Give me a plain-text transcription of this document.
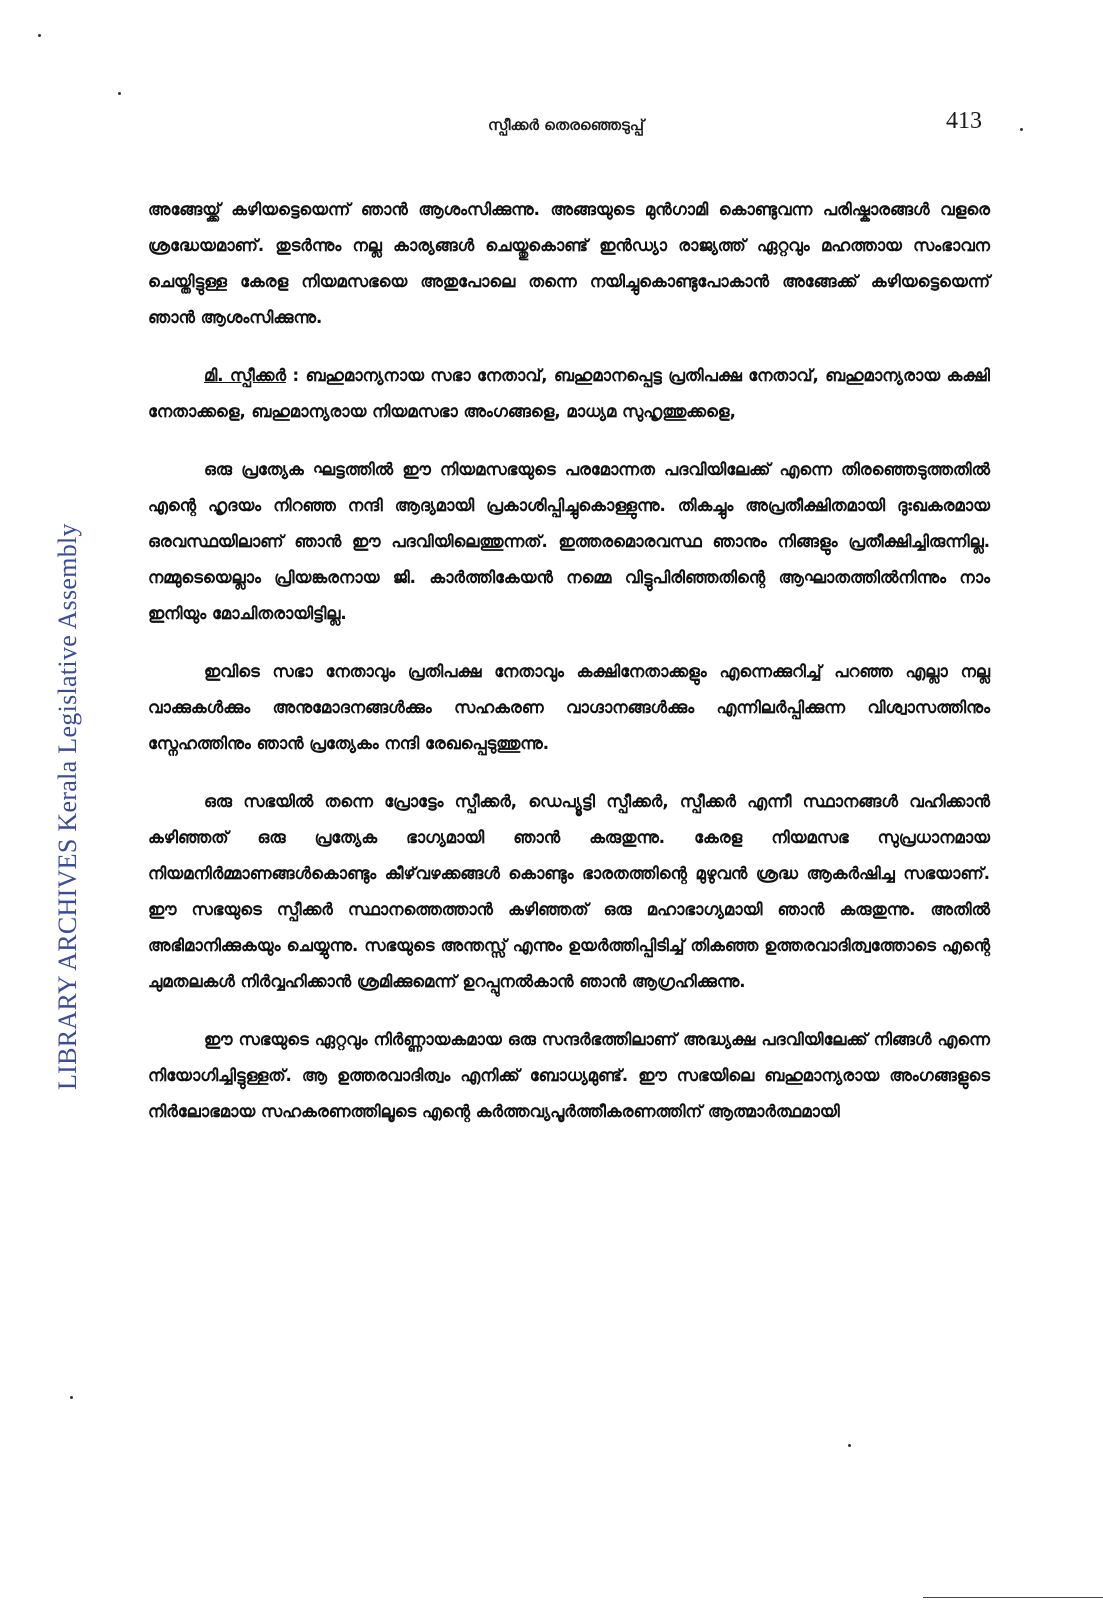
LIBRARY ARCHIVES Kerala Legislative Assembly
സ്പീക്കർ തെരഞ്ഞെടുപ്പ്	413

അങ്ങേയ്ക്ക് കഴിയട്ടെയെന്ന് ഞാൻ ആശംസിക്കുന്നു. അങ്ങയുടെ മുൻഗാമി കൊണ്ടുവന്ന പരിഷ്കാരങ്ങൾ വളരെ ശ്രദ്ധേയമാണ്. തുടർന്നും നല്ല കാര്യങ്ങൾ ചെയ്തുകൊണ്ട് ഇൻഡ്യാ രാജ്യത്ത് ഏറ്റവും മഹത്തായ സംഭാവന ചെയ്തിട്ടുള്ള കേരള നിയമസഭയെ അതുപോലെ തന്നെ നയിച്ചുകൊണ്ടുപോകാൻ അങ്ങേക്ക് കഴിയട്ടെയെന്ന് ഞാൻ ആശംസിക്കുന്നു.

മി. സ്പീക്കർ : ബഹുമാന്യനായ സഭാ നേതാവ്, ബഹുമാനപ്പെട്ട പ്രതിപക്ഷ നേതാവ്, ബഹുമാന്യരായ കക്ഷി നേതാക്കളെ, ബഹുമാന്യരായ നിയമസഭാ അംഗങ്ങളെ, മാധ്യമ സുഹൃത്തുക്കളെ,

ഒരു പ്രത്യേക ഘട്ടത്തിൽ ഈ നിയമസഭയുടെ പരമോന്നത പദവിയിലേക്ക് എന്നെ തിരഞ്ഞെടുത്തതിൽ എന്റെ ഹൃദയം നിറഞ്ഞ നന്ദി ആദ്യമായി പ്രകാശിപ്പിച്ചുകൊള്ളുന്നു. തികച്ചും അപ്രതീക്ഷിതമായി ദുഃഖകരമായ ഒരവസ്ഥയിലാണ് ഞാൻ ഈ പദവിയിലെത്തുന്നത്. ഇത്തരമൊരവസ്ഥ ഞാനും നിങ്ങളും പ്രതീക്ഷിച്ചിരുന്നില്ല. നമ്മുടെയെല്ലാം പ്രിയങ്കരനായ ജി. കാർത്തികേയൻ നമ്മെ വിട്ടുപിരിഞ്ഞതിന്റെ ആഘാതത്തിൽനിന്നും നാം ഇനിയും മോചിതരായിട്ടില്ല.

ഇവിടെ സഭാ നേതാവും പ്രതിപക്ഷ നേതാവും കക്ഷിനേതാക്കളും എന്നെക്കുറിച്ച് പറഞ്ഞ എല്ലാ നല്ല വാക്കുകൾക്കും അനുമോദനങ്ങൾക്കും സഹകരണ വാഗ്ദാനങ്ങൾക്കും എന്നിലർപ്പിക്കുന്ന വിശ്വാസത്തിനും സ്നേഹത്തിനും ഞാൻ പ്രത്യേകം നന്ദി രേഖപ്പെടുത്തുന്നു.

ഒരു സഭയിൽ തന്നെ പ്രോട്ടേം സ്പീക്കർ, ഡെപ്യൂട്ടി സ്പീക്കർ, സ്പീക്കർ എന്നീ സ്ഥാനങ്ങൾ വഹിക്കാൻ കഴിഞ്ഞത് ഒരു പ്രത്യേക ഭാഗ്യമായി ഞാൻ കരുതുന്നു. കേരള നിയമസഭ സുപ്രധാനമായ നിയമനിർമ്മാണങ്ങൾകൊണ്ടും കീഴ്‌വഴക്കങ്ങൾ കൊണ്ടും ഭാരതത്തിന്റെ മുഴുവൻ ശ്രദ്ധ ആകർഷിച്ച സഭയാണ്. ഈ സഭയുടെ സ്പീക്കർ സ്ഥാനത്തെത്താൻ കഴിഞ്ഞത് ഒരു മഹാഭാഗ്യമായി ഞാൻ കരുതുന്നു. അതിൽ അഭിമാനിക്കുകയും ചെയ്യുന്നു. സഭയുടെ അന്തസ്സ് എന്നും ഉയർത്തിപ്പിടിച്ച് തികഞ്ഞ ഉത്തരവാദിത്വത്തോടെ എന്റെ ചുമതലകൾ നിർവ്വഹിക്കാൻ ശ്രമിക്കുമെന്ന് ഉറപ്പുനൽകാൻ ഞാൻ ആഗ്രഹിക്കുന്നു.

ഈ സഭയുടെ ഏറ്റവും നിർണ്ണായകമായ ഒരു സന്ദർഭത്തിലാണ് അദ്ധ്യക്ഷ പദവിയിലേക്ക് നിങ്ങൾ എന്നെ നിയോഗിച്ചിട്ടുള്ളത്. ആ ഉത്തരവാദിത്വം എനിക്ക് ബോധ്യമുണ്ട്. ഈ സഭയിലെ ബഹുമാന്യരായ അംഗങ്ങളുടെ നിർലോഭമായ സഹകരണത്തിലൂടെ എന്റെ കർത്തവ്യപൂർത്തീകരണത്തിന് ആത്മാർത്ഥമായി
